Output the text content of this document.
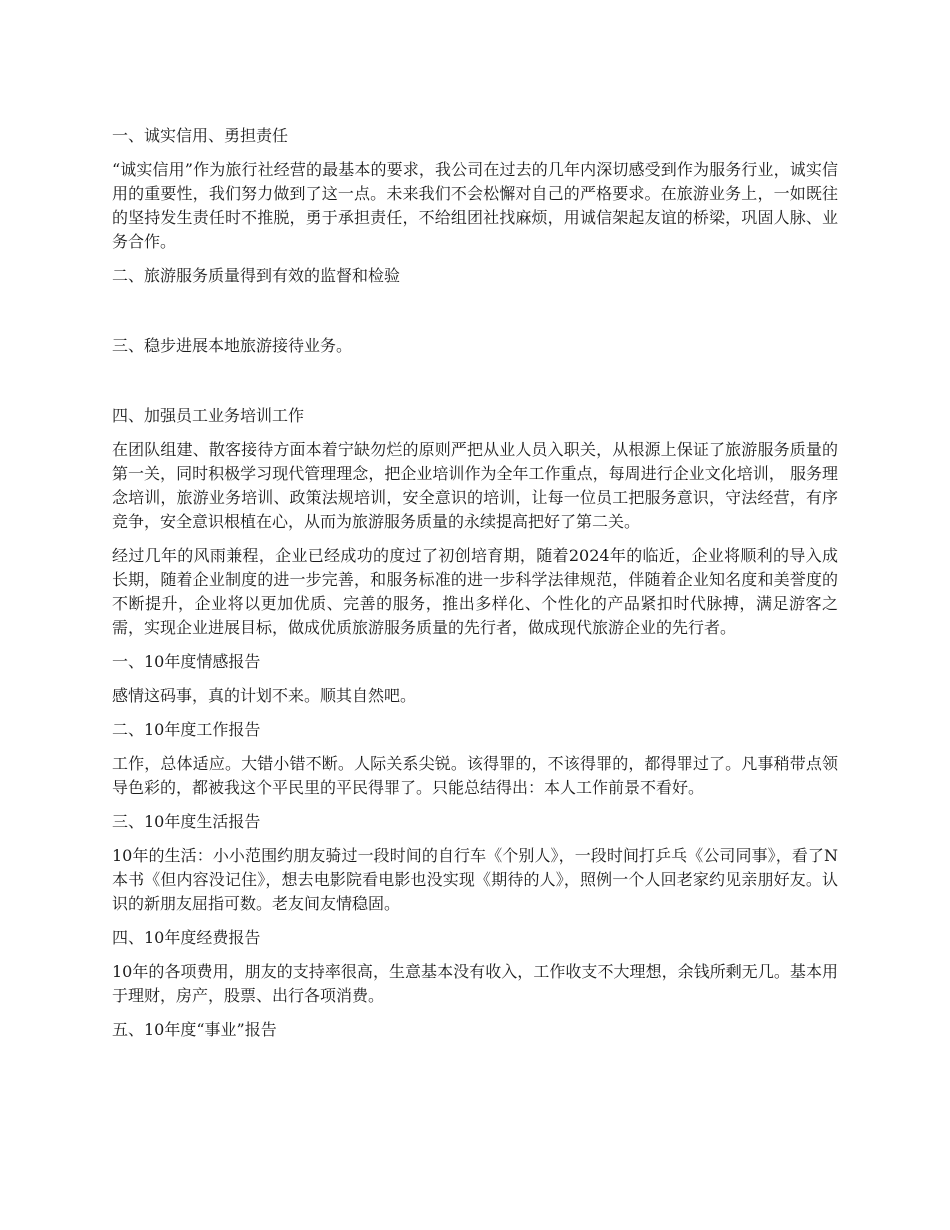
一、诚实信用、勇担责任

“诚实信用”作为旅行社经营的最基本的要求，我公司在过去的几年内深切感受到作为服务行业，诚实信用的重要性，我们努力做到了这一点。未来我们不会松懈对自己的严格要求。在旅游业务上，一如既往的坚持发生责任时不推脱，勇于承担责任，不给组团社找麻烦，用诚信架起友谊的桥梁，巩固人脉、业务合作。

二、旅游服务质量得到有效的监督和检验

三、稳步进展本地旅游接待业务。

四、加强员工业务培训工作

在团队组建、散客接待方面本着宁缺勿烂的原则严把从业人员入职关，从根源上保证了旅游服务质量的第一关，同时积极学习现代管理理念，把企业培训作为全年工作重点，每周进行企业文化培训， 服务理念培训，旅游业务培训、政策法规培训，安全意识的培训，让每一位员工把服务意识，守法经营，有序竞争，安全意识根植在心，从而为旅游服务质量的永续提高把好了第二关。

经过几年的风雨兼程，企业已经成功的度过了初创培育期，随着2024年的临近，企业将顺利的导入成长期，随着企业制度的进一步完善，和服务标准的进一步科学法律规范，伴随着企业知名度和美誉度的不断提升，企业将以更加优质、完善的服务，推出多样化、个性化的产品紧扣时代脉搏，满足游客之需，实现企业进展目标，做成优质旅游服务质量的先行者，做成现代旅游企业的先行者。

一、10年度情感报告

感情这码事，真的计划不来。顺其自然吧。

二、10年度工作报告

工作，总体适应。大错小错不断。人际关系尖锐。该得罪的，不该得罪的，都得罪过了。凡事稍带点领导色彩的，都被我这个平民里的平民得罪了。只能总结得出：本人工作前景不看好。

三、10年度生活报告

10年的生活：小小范围约朋友骑过一段时间的自行车《个别人》，一段时间打乒乓《公司同事》，看了N本书《但内容没记住》，想去电影院看电影也没实现《期待的人》，照例一个人回老家约见亲朋好友。认识的新朋友屈指可数。老友间友情稳固。

四、10年度经费报告

10年的各项费用，朋友的支持率很高，生意基本没有收入，工作收支不大理想，余钱所剩无几。基本用于理财，房产，股票、出行各项消费。

五、10年度“事业”报告
